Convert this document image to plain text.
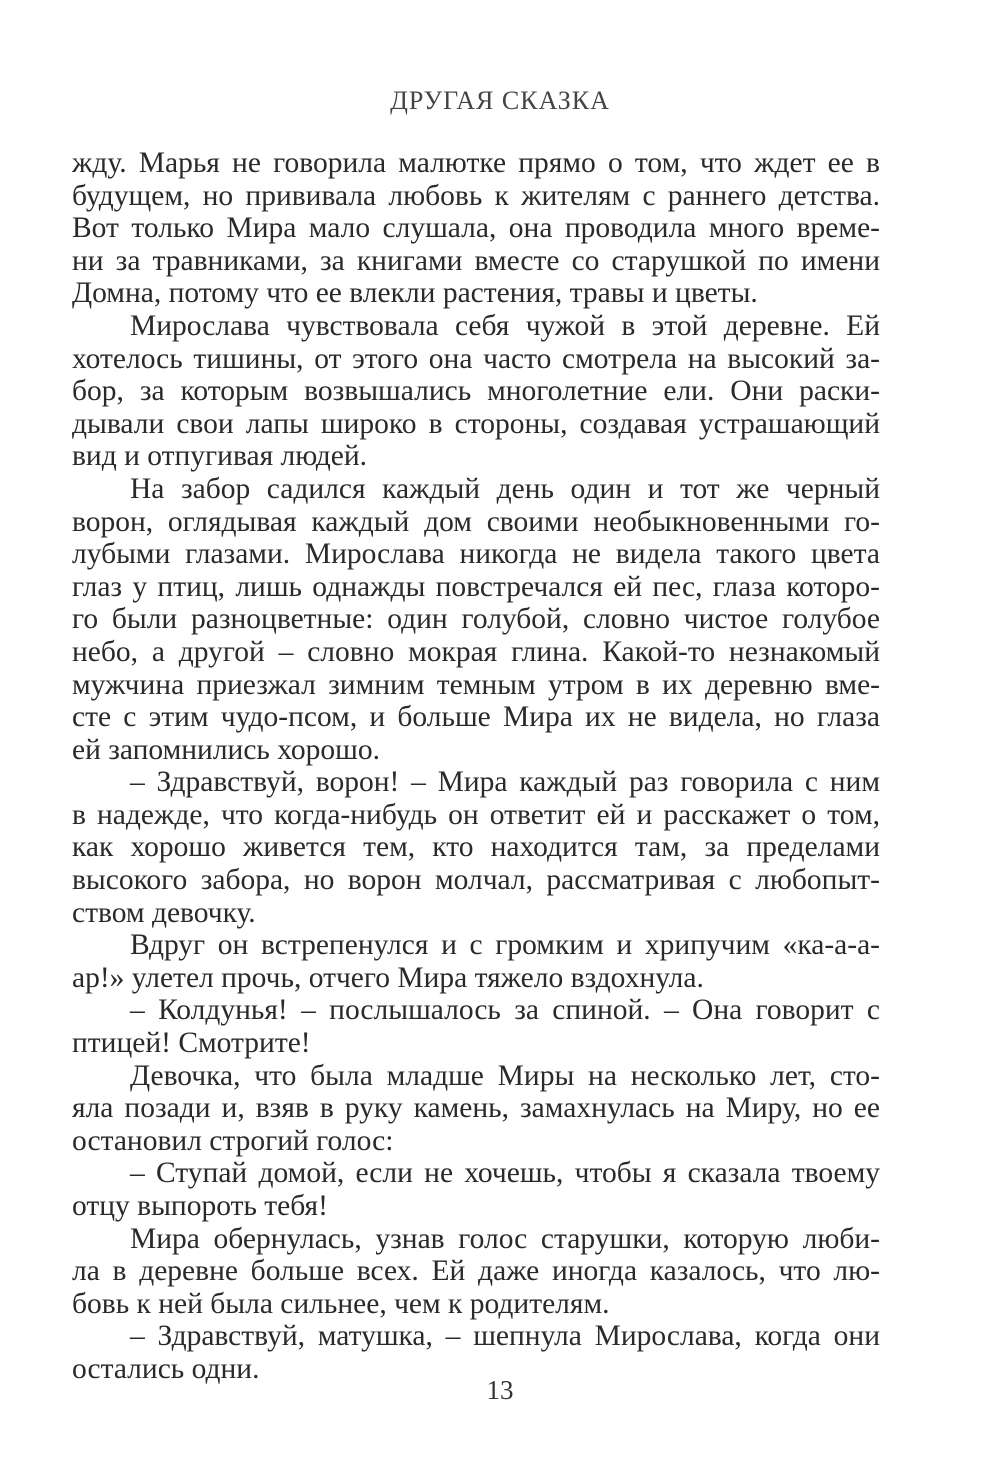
ДРУГАЯ СКАЗКА
жду. Марья не говорила малютке прямо о том, что ждет ее в
будущем, но прививала любовь к жителям с раннего детства.
Вот только Мира мало слушала, она проводила много време-
ни за травниками, за книгами вместе со старушкой по имени
Домна, потому что ее влекли растения, травы и цветы.
Мирослава чувствовала себя чужой в этой деревне. Ей
хотелось тишины, от этого она часто смотрела на высокий за-
бор, за которым возвышались многолетние ели. Они раски-
дывали свои лапы широко в стороны, создавая устрашающий
вид и отпугивая людей.
На забор садился каждый день один и тот же черный
ворон, оглядывая каждый дом своими необыкновенными го-
лубыми глазами. Мирослава никогда не видела такого цвета
глаз у птиц, лишь однажды повстречался ей пес, глаза которо-
го были разноцветные: один голубой, словно чистое голубое
небо, а другой – словно мокрая глина. Какой-то незнакомый
мужчина приезжал зимним темным утром в их деревню вме-
сте с этим чудо-псом, и больше Мира их не видела, но глаза
ей запомнились хорошо.
– Здравствуй, ворон! – Мира каждый раз говорила с ним
в надежде, что когда-нибудь он ответит ей и расскажет о том,
как хорошо живется тем, кто находится там, за пределами
высокого забора, но ворон молчал, рассматривая с любопыт-
ством девочку.
Вдруг он встрепенулся и с громким и хрипучим «ка-а-а-
ар!» улетел прочь, отчего Мира тяжело вздохнула.
– Колдунья! – послышалось за спиной. – Она говорит с
птицей! Смотрите!
Девочка, что была младше Миры на несколько лет, сто-
яла позади и, взяв в руку камень, замахнулась на Миру, но ее
остановил строгий голос:
– Ступай домой, если не хочешь, чтобы я сказала твоему
отцу выпороть тебя!
Мира обернулась, узнав голос старушки, которую люби-
ла в деревне больше всех. Ей даже иногда казалось, что лю-
бовь к ней была сильнее, чем к родителям.
– Здравствуй, матушка, – шепнула Мирослава, когда они
остались одни.
13
